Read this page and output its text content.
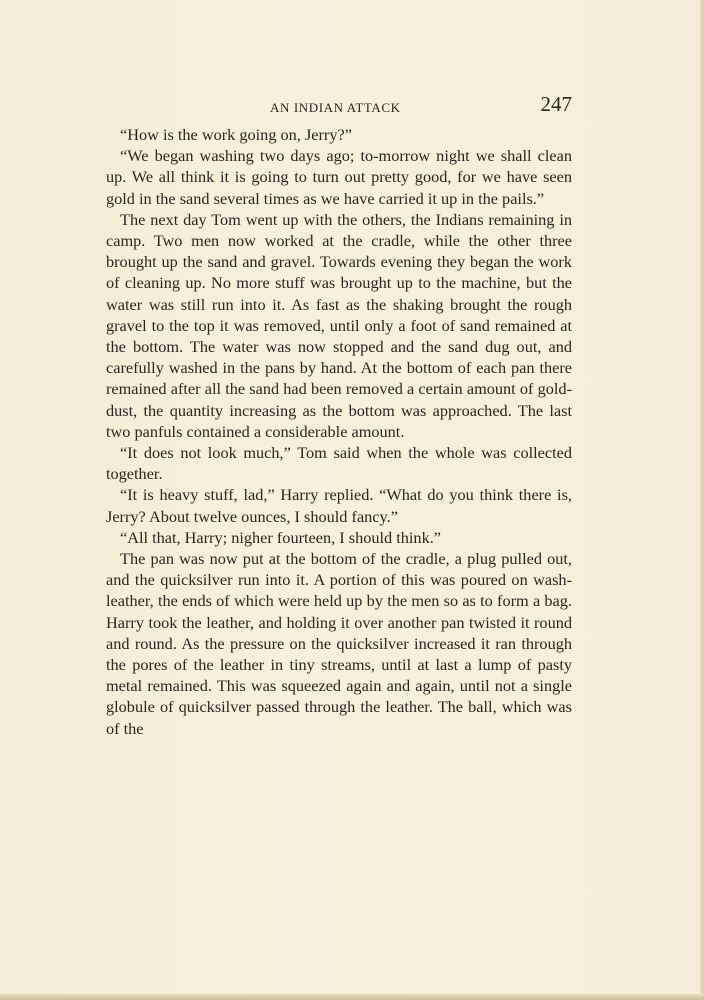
AN INDIAN ATTACK	247

“How is the work going on, Jerry?”

“We began washing two days ago; to-morrow night we shall clean up. We all think it is going to turn out pretty good, for we have seen gold in the sand several times as we have carried it up in the pails.”

The next day Tom went up with the others, the Indians remaining in camp. Two men now worked at the cradle, while the other three brought up the sand and gravel. Towards evening they began the work of cleaning up. No more stuff was brought up to the machine, but the water was still run into it. As fast as the shaking brought the rough gravel to the top it was removed, until only a foot of sand remained at the bottom. The water was now stopped and the sand dug out, and carefully washed in the pans by hand. At the bottom of each pan there remained after all the sand had been removed a certain amount of gold-dust, the quantity increasing as the bottom was approached. The last two panfuls contained a considerable amount.

“It does not look much,” Tom said when the whole was collected together.

“It is heavy stuff, lad,” Harry replied. “What do you think there is, Jerry? About twelve ounces, I should fancy.”

“All that, Harry; nigher fourteen, I should think.”

The pan was now put at the bottom of the cradle, a plug pulled out, and the quicksilver run into it. A portion of this was poured on wash-leather, the ends of which were held up by the men so as to form a bag. Harry took the leather, and holding it over another pan twisted it round and round. As the pressure on the quicksilver increased it ran through the pores of the leather in tiny streams, until at last a lump of pasty metal remained. This was squeezed again and again, until not a single globule of quicksilver passed through the leather. The ball, which was of the
